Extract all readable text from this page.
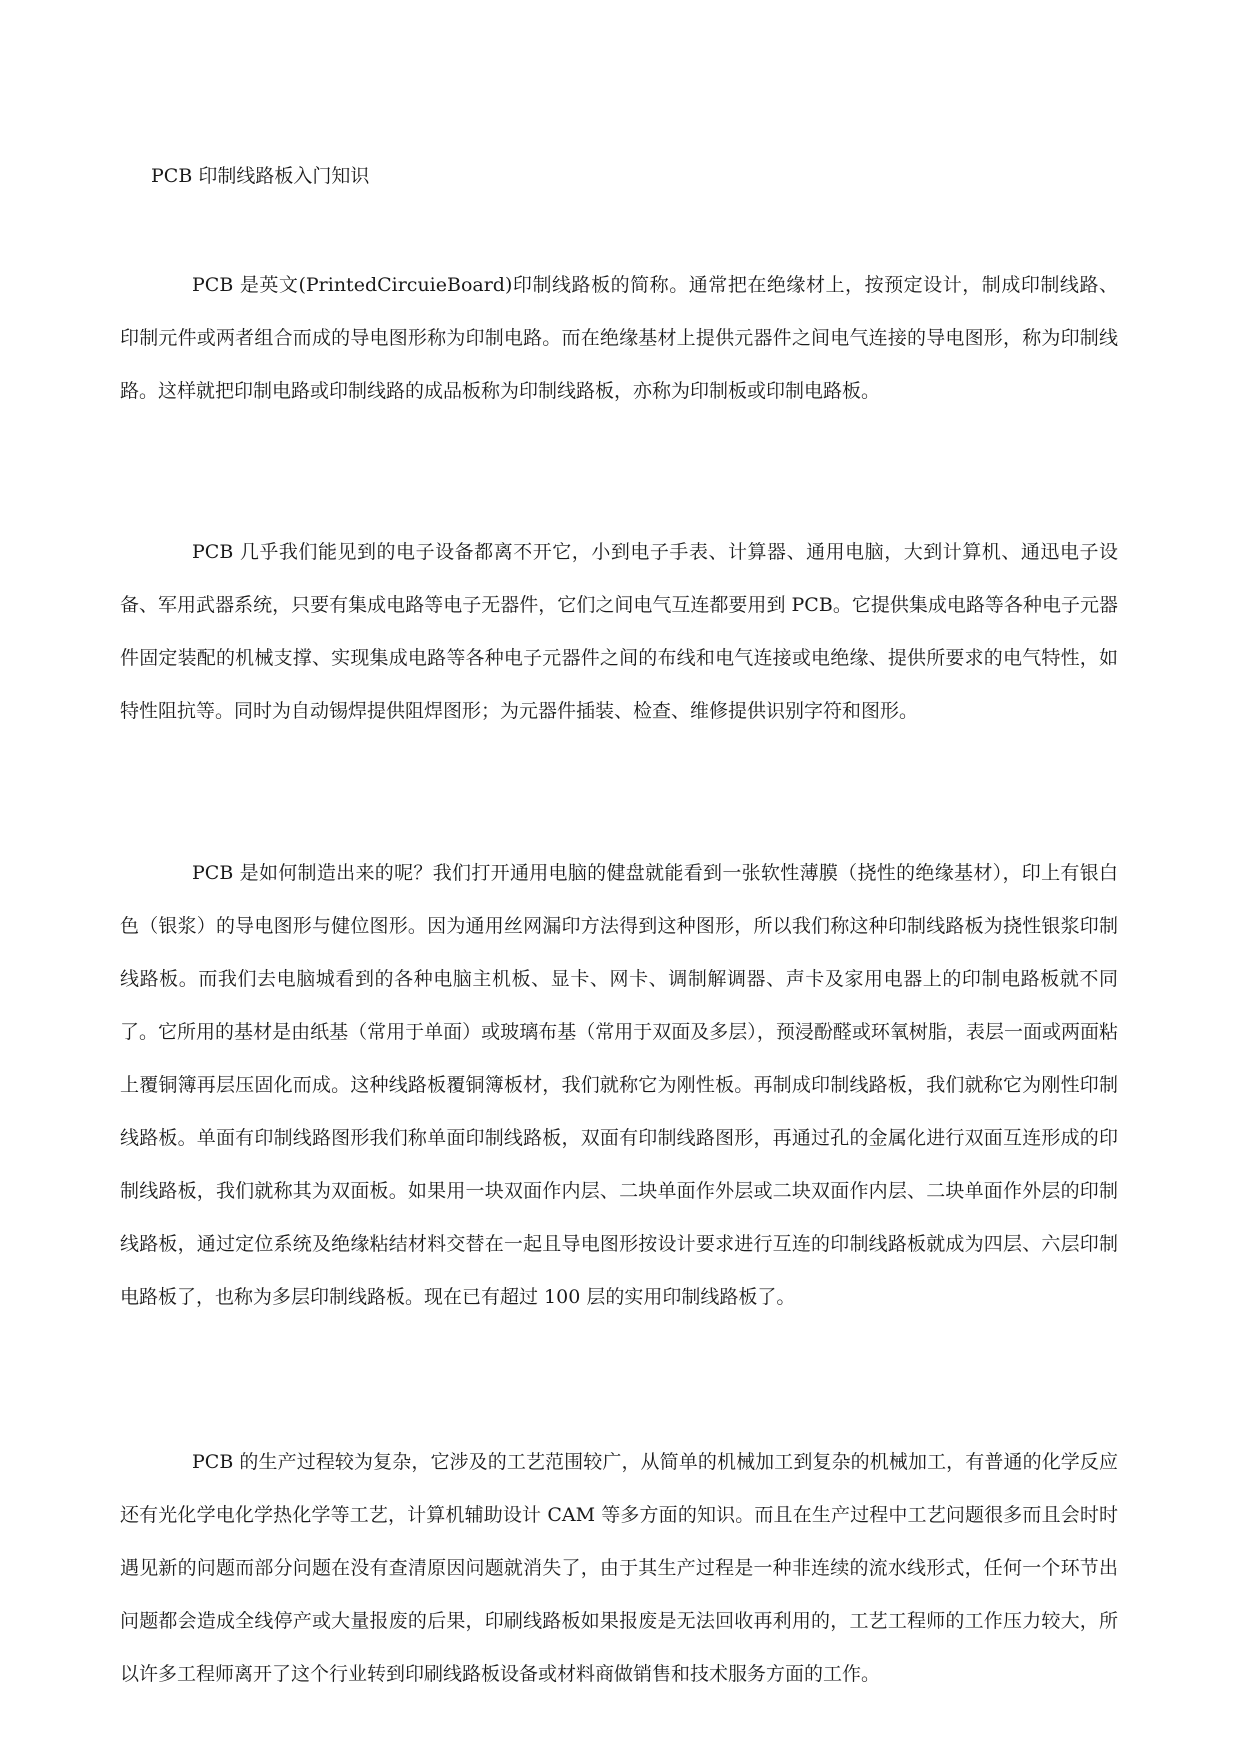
PCB 印制线路板入门知识

PCB 是英文(PrintedCircuieBoard)印制线路板的简称。通常把在绝缘材上，按预定设计，制成印制线路、印制元件或两者组合而成的导电图形称为印制电路。而在绝缘基材上提供元器件之间电气连接的导电图形，称为印制线路。这样就把印制电路或印制线路的成品板称为印制线路板，亦称为印制板或印制电路板。

PCB 几乎我们能见到的电子设备都离不开它，小到电子手表、计算器、通用电脑，大到计算机、通迅电子设备、军用武器系统，只要有集成电路等电子无器件，它们之间电气互连都要用到 PCB。它提供集成电路等各种电子元器件固定装配的机械支撑、实现集成电路等各种电子元器件之间的布线和电气连接或电绝缘、提供所要求的电气特性，如特性阻抗等。同时为自动锡焊提供阻焊图形；为元器件插装、检查、维修提供识别字符和图形。

PCB 是如何制造出来的呢？我们打开通用电脑的健盘就能看到一张软性薄膜（挠性的绝缘基材），印上有银白色（银浆）的导电图形与健位图形。因为通用丝网漏印方法得到这种图形，所以我们称这种印制线路板为挠性银浆印制线路板。而我们去电脑城看到的各种电脑主机板、显卡、网卡、调制解调器、声卡及家用电器上的印制电路板就不同了。它所用的基材是由纸基（常用于单面）或玻璃布基（常用于双面及多层），预浸酚醛或环氧树脂，表层一面或两面粘上覆铜簿再层压固化而成。这种线路板覆铜簿板材，我们就称它为刚性板。再制成印制线路板，我们就称它为刚性印制线路板。单面有印制线路图形我们称单面印制线路板，双面有印制线路图形，再通过孔的金属化进行双面互连形成的印制线路板，我们就称其为双面板。如果用一块双面作内层、二块单面作外层或二块双面作内层、二块单面作外层的印制线路板，通过定位系统及绝缘粘结材料交替在一起且导电图形按设计要求进行互连的印制线路板就成为四层、六层印制电路板了，也称为多层印制线路板。现在已有超过 100 层的实用印制线路板了。

PCB 的生产过程较为复杂，它涉及的工艺范围较广，从简单的机械加工到复杂的机械加工，有普通的化学反应还有光化学电化学热化学等工艺，计算机辅助设计 CAM 等多方面的知识。而且在生产过程中工艺问题很多而且会时时遇见新的问题而部分问题在没有查清原因问题就消失了，由于其生产过程是一种非连续的流水线形式，任何一个环节出问题都会造成全线停产或大量报废的后果，印刷线路板如果报废是无法回收再利用的，工艺工程师的工作压力较大，所以许多工程师离开了这个行业转到印刷线路板设备或材料商做销售和技术服务方面的工作。
